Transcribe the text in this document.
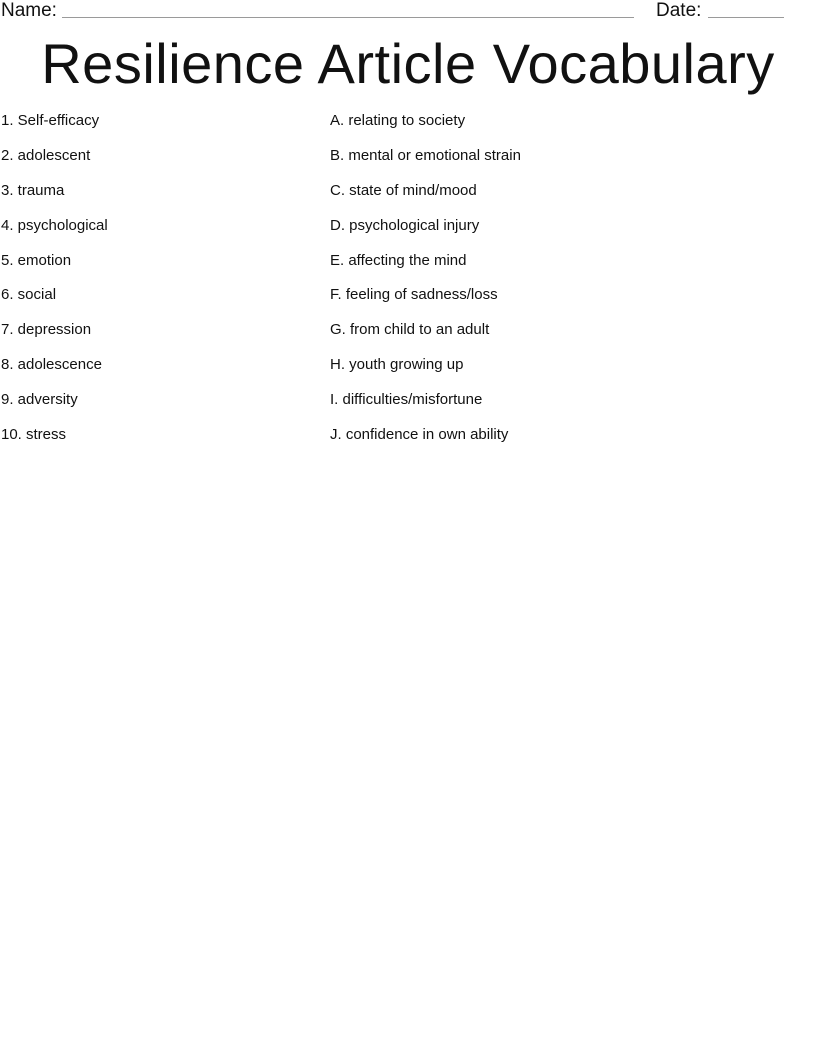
Name:	Date:
Resilience Article Vocabulary
1. Self-efficacy
2. adolescent
3. trauma
4. psychological
5. emotion
6. social
7. depression
8. adolescence
9. adversity
10. stress
A. relating to society
B. mental or emotional strain
C. state of mind/mood
D. psychological injury
E. affecting the mind
F. feeling of sadness/loss
G. from child to an adult
H. youth growing up
I. difficulties/misfortune
J. confidence in own ability
